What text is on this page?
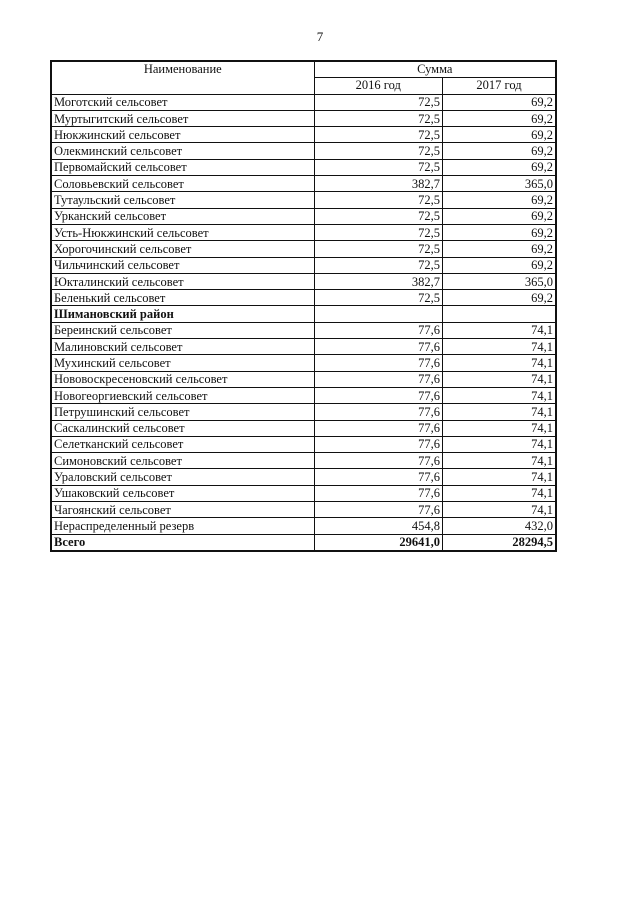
7
Наименование	Сумма	
	2016 год	2017 год
Моготский сельсовет	72,5	69,2
Муртыгитский сельсовет	72,5	69,2
Нюкжинский сельсовет	72,5	69,2
Олекминский сельсовет	72,5	69,2
Первомайский сельсовет	72,5	69,2
Соловьевский сельсовет	382,7	365,0
Тутаульский сельсовет	72,5	69,2
Урканский сельсовет	72,5	69,2
Усть-Нюкжинский сельсовет	72,5	69,2
Хорогочинский сельсовет	72,5	69,2
Чильчинский сельсовет	72,5	69,2
Юкталинский сельсовет	382,7	365,0
Беленький сельсовет	72,5	69,2
Шимановский район		
Береинский сельсовет	77,6	74,1
Малиновский сельсовет	77,6	74,1
Мухинский сельсовет	77,6	74,1
Нововоскресеновский сельсовет	77,6	74,1
Новогеоргиевский сельсовет	77,6	74,1
Петрушинский сельсовет	77,6	74,1
Саскалинский сельсовет	77,6	74,1
Селетканский сельсовет	77,6	74,1
Симоновский сельсовет	77,6	74,1
Ураловский сельсовет	77,6	74,1
Ушаковский сельсовет	77,6	74,1
Чагоянский сельсовет	77,6	74,1
Нераспределенный резерв	454,8	432,0
Всего	29641,0	28294,5
